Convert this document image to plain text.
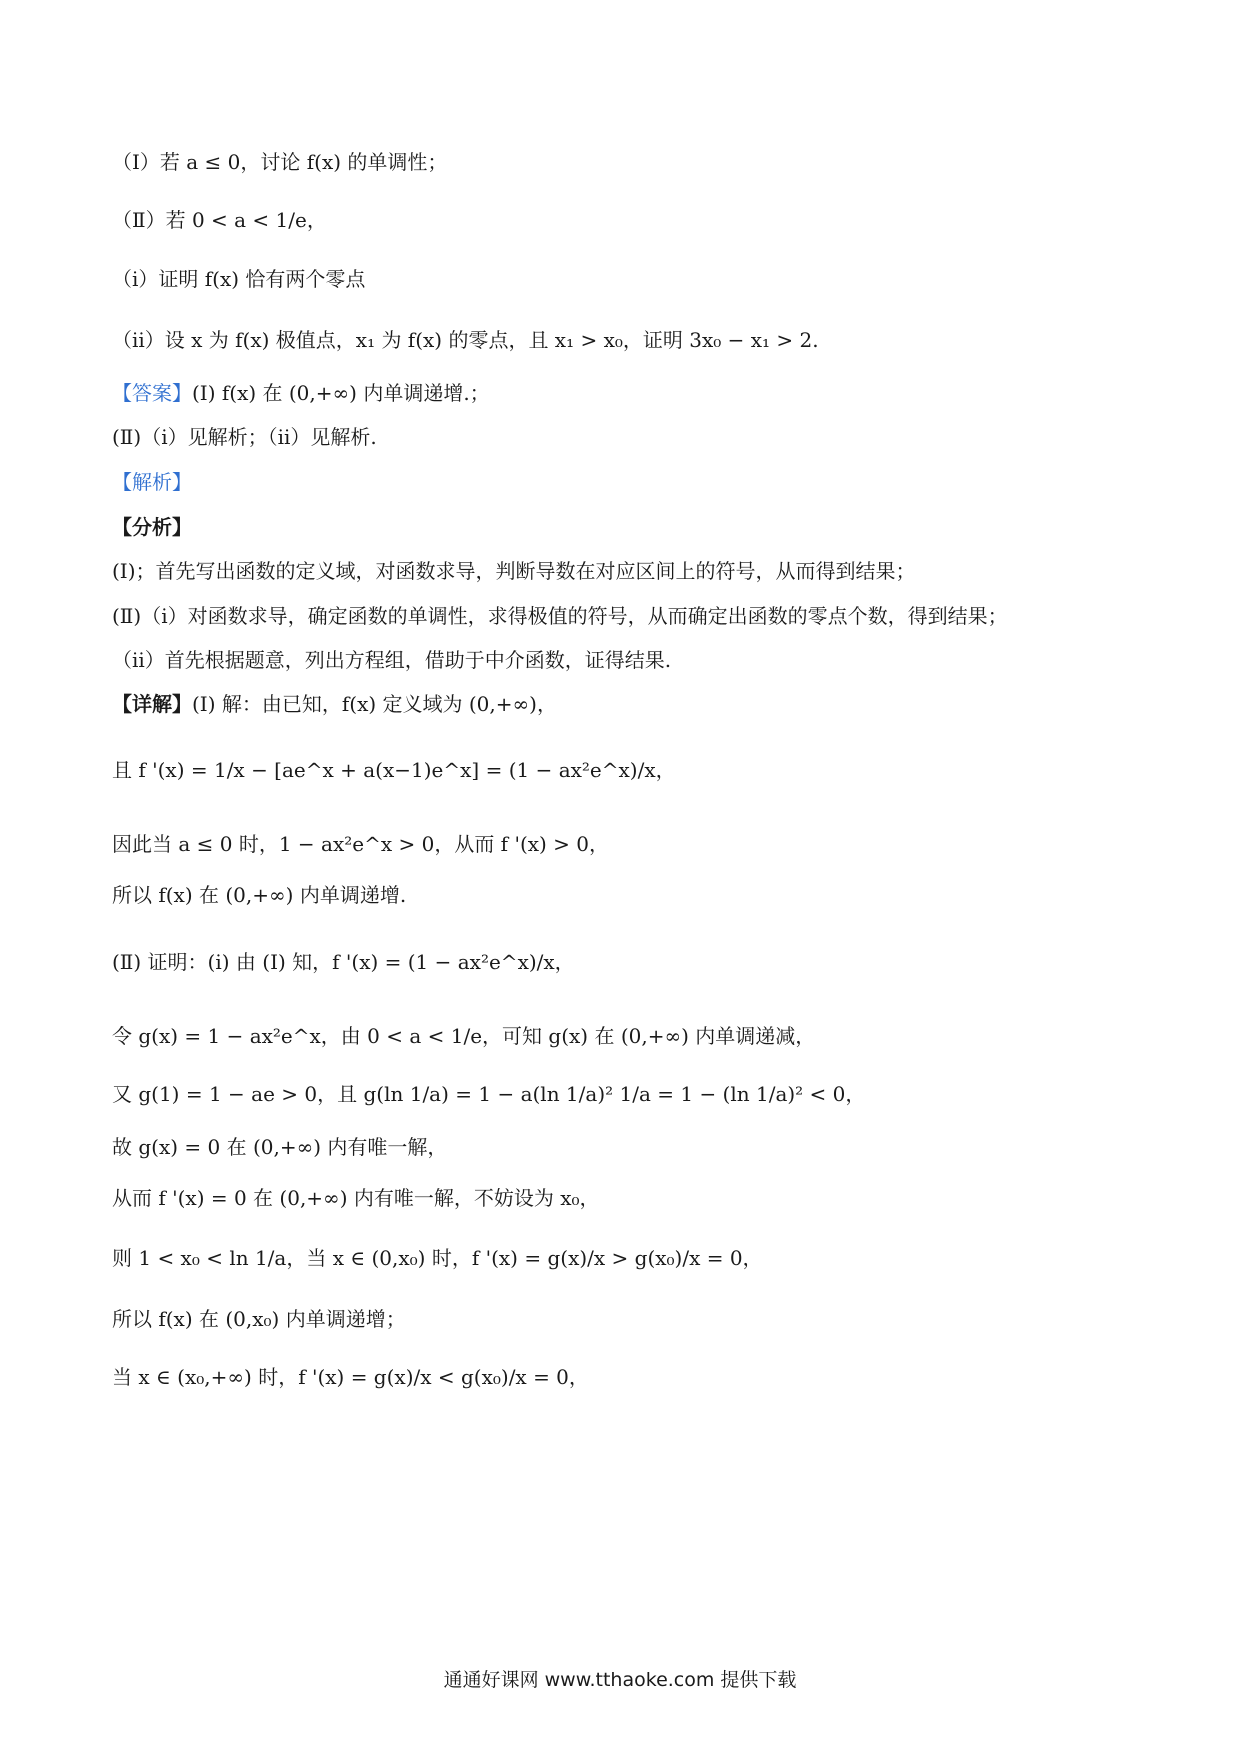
（Ⅰ）若 a ≤ 0，讨论 f(x) 的单调性；
（Ⅱ）若 0 < a < 1/e，
（i）证明 f(x) 恰有两个零点
（ii）设 x 为 f(x) 极值点，x₁ 为 f(x) 的零点，且 x₁ > x₀，证明 3x₀ − x₁ > 2.
【答案】(Ⅰ) f(x) 在 (0,+∞) 内单调递增.；
(Ⅱ)（i）见解析；（ii）见解析.
【解析】
【分析】
(Ⅰ)；首先写出函数的定义域，对函数求导，判断导数在对应区间上的符号，从而得到结果；
(Ⅱ)（i）对函数求导，确定函数的单调性，求得极值的符号，从而确定出函数的零点个数，得到结果；
（ii）首先根据题意，列出方程组，借助于中介函数，证得结果.
【详解】(Ⅰ) 解：由已知，f(x) 定义域为 (0,+∞)，
且 f '(x) = 1/x − [ae^x + a(x−1)e^x] = (1 − ax²e^x)/x，
因此当 a ≤ 0 时，1 − ax²e^x > 0，从而 f '(x) > 0，
所以 f(x) 在 (0,+∞) 内单调递增.
(Ⅱ) 证明：(i) 由 (Ⅰ) 知，f '(x) = (1 − ax²e^x)/x，
令 g(x) = 1 − ax²e^x，由 0 < a < 1/e，可知 g(x) 在 (0,+∞) 内单调递减，
又 g(1) = 1 − ae > 0，且 g(ln 1/a) = 1 − a(ln 1/a)² 1/a = 1 − (ln 1/a)² < 0，
故 g(x) = 0 在 (0,+∞) 内有唯一解，
从而 f '(x) = 0 在 (0,+∞) 内有唯一解，不妨设为 x₀，
则 1 < x₀ < ln 1/a，当 x ∈ (0,x₀) 时，f '(x) = g(x)/x > g(x₀)/x = 0，
所以 f(x) 在 (0,x₀) 内单调递增；
当 x ∈ (x₀,+∞) 时，f '(x) = g(x)/x < g(x₀)/x = 0，
通通好课网 www.tthaoke.com 提供下载
